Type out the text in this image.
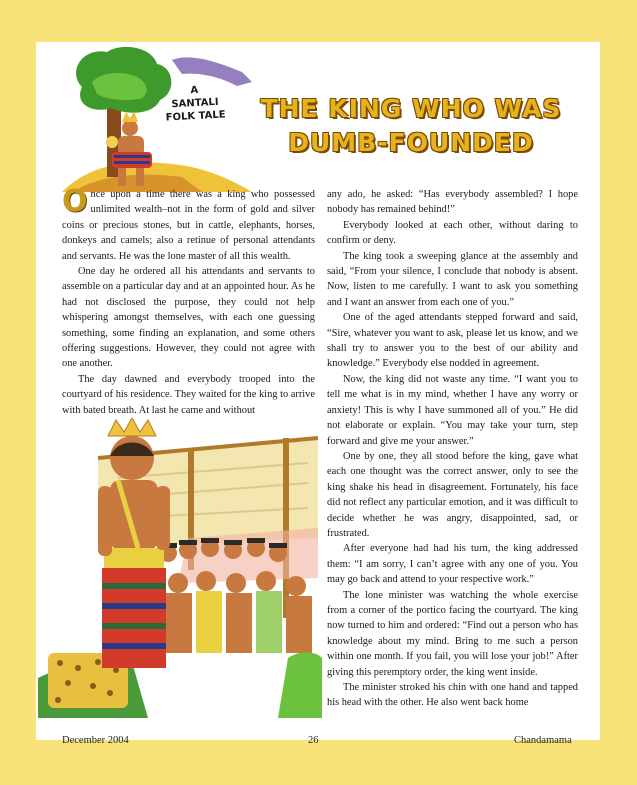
A
SANTALI
FOLK TALE	THE KING WHO WAS
DUMB-FOUNDED

Once upon a time there was a king who possessed unlimited wealth–not in the form of gold and silver coins or precious stones, but in cattle, elephants, horses, donkeys and camels; also a retinue of personal attendants and servants. He was the lone master of all this wealth.

One day he ordered all his attendants and servants to assemble on a particular day and at an appointed hour. As he had not disclosed the purpose, they could not help whispering amongst themselves, with each one guessing something, some finding an explanation, and some others offering suggestions. However, they could not agree with one another.

The day dawned and everybody trooped into the courtyard of his residence. They waited for the king to arrive with bated breath. At last he came and without

any ado, he asked: “Has everybody assembled? I hope nobody has remained behind!”

Everybody looked at each other, without daring to confirm or deny.

The king took a sweeping glance at the assembly and said, “From your silence, I conclude that nobody is absent. Now, listen to me carefully. I want to ask you something and I want an answer from each one of you.”

One of the aged attendants stepped forward and said, “Sire, whatever you want to ask, please let us know, and we shall try to answer you to the best of our ability and knowledge.” Everybody else nodded in agreement.

Now, the king did not waste any time. “I want you to tell me what is in my mind, whether I have any worry or anxiety! This is why I have summoned all of you.” He did not elaborate or explain. “You may take your turn, step forward and give me your answer.”

One by one, they all stood before the king, gave what each one thought was the correct answer, only to see the king shake his head in disagreement. Fortunately, his face did not reflect any particular emotion, and it was difficult to decide whether he was angry, disappointed, sad, or frustrated.

After everyone had had his turn, the king addressed them: “I am sorry, I can’t agree with any one of you. You may go back and attend to your respective work.”

The lone minister was watching the whole exercise from a corner of the portico facing the courtyard. The king now turned to him and ordered: “Find out a person who has knowledge about my mind. Bring to me such a person within one month. If you fail, you will lose your job!” After giving this peremptory order, the king went inside.

The minister stroked his chin with one hand and tapped his head with the other. He also went back home

December 2004	26	Chandamama
